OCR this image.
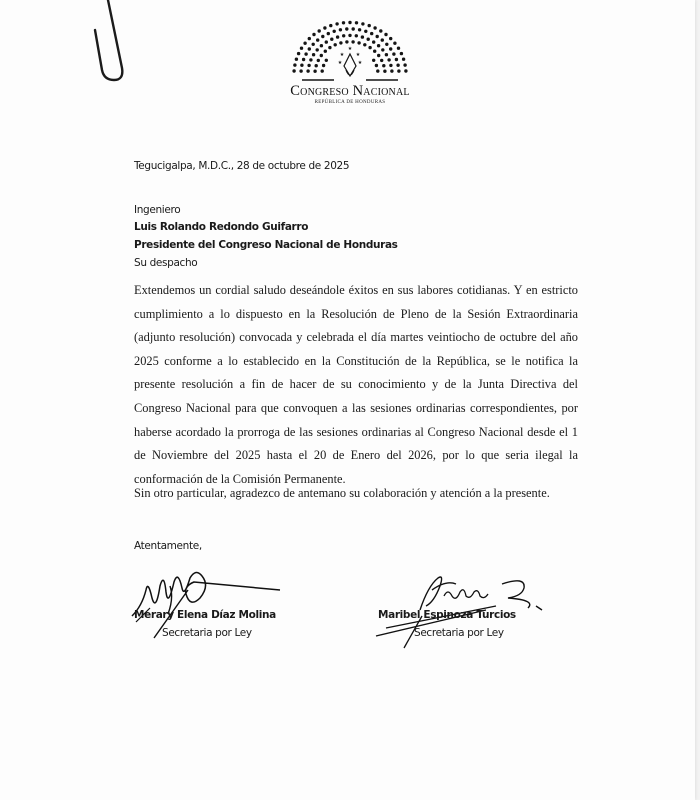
★
★ ★
★	★
Congreso Nacional
REPÚBLICA DE HONDURAS
Tegucigalpa, M.D.C., 28 de octubre de 2025
Ingeniero
Luis Rolando Redondo Guifarro
Presidente del Congreso Nacional de Honduras
Su despacho
Extendemos un cordial saludo deseándole éxitos en sus labores cotidianas. Y en estricto cumplimiento a lo dispuesto en la Resolución de Pleno de la Sesión Extraordinaria (adjunto resolución) convocada y celebrada el día martes veintiocho de octubre del año 2025 conforme a lo establecido en la Constitución de la República, se le notifica la presente resolución a fin de hacer de su conocimiento y de la Junta Directiva del Congreso Nacional para que convoquen a las sesiones ordinarias correspondientes, por haberse acordado la prorroga de las sesiones ordinarias al Congreso Nacional desde el 1 de Noviembre del 2025 hasta el 20 de Enero del 2026, por lo que seria ilegal la conformación de la Comisión Permanente.
Sin otro particular, agradezco de antemano su colaboración y atención a la presente.
Atentamente,
Merary Elena Díaz Molina
Secretaria por Ley
Maribel Espinoza Turcios
Secretaria por Ley
